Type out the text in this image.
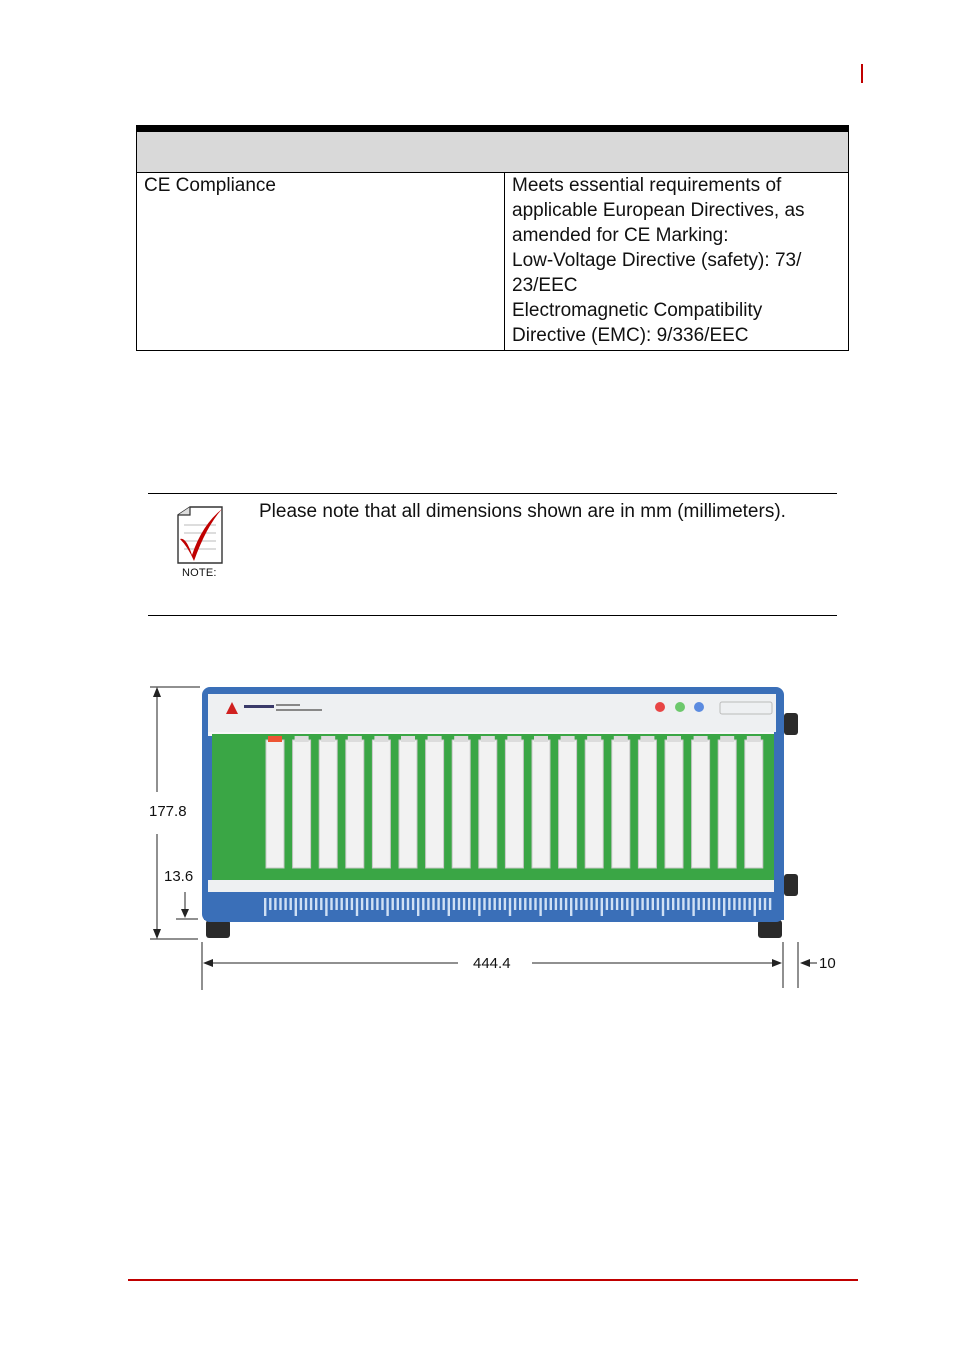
CE Compliance	Meets essential requirements of
applicable European Directives, as
amended for CE Marking:
Low-Voltage Directive (safety): 73/
23/EEC
Electromagnetic Compatibility
Directive (EMC): 9/336/EEC
NOTE:
Please note that all dimensions shown are in mm (millimeters).
177.8
13.6
444.4	10
